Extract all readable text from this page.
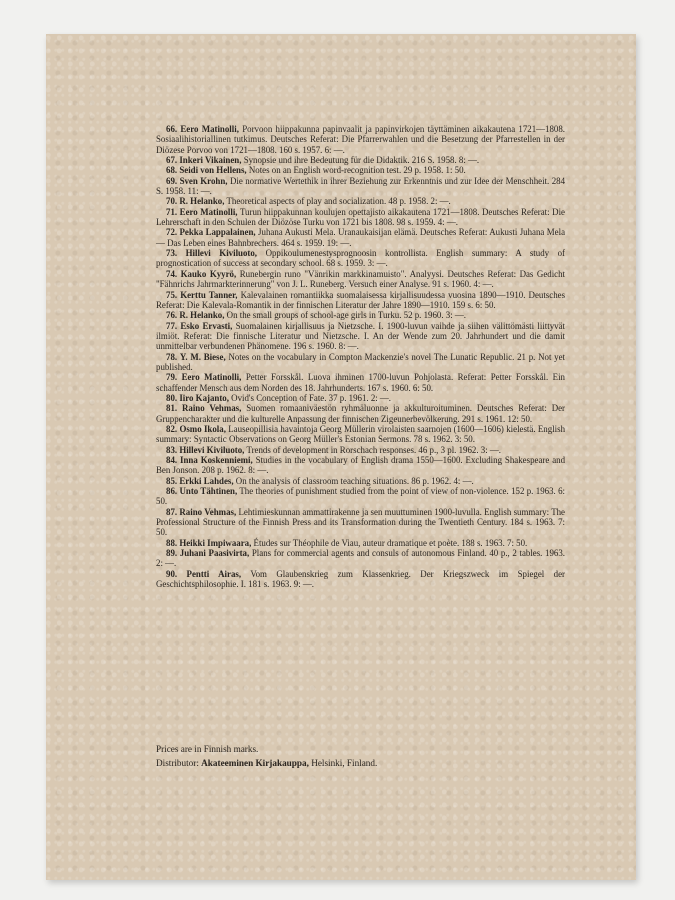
66. Eero Matinolli, Porvoon hiippakunna papinvaalit ja papinvirkojen täyttäminen aikakautena 1721—1808. Sosiaalihistoriallinen tutkimus. Deutsches Referat: Die Pfarrerwahlen und die Besetzung der Pfarrestellen in der Diözese Porvoo von 1721—1808. 160 s. 1957. 6: —.

67. Inkeri Vikainen, Synopsie und ihre Bedeutung für die Didaktik. 216 S. 1958. 8: —.

68. Seidi von Hellens, Notes on an English word-recognition test. 29 p. 1958. 1: 50.

69. Sven Krohn, Die normative Wertethik in ihrer Beziehung zur Erkenntnis und zur Idee der Menschheit. 284 S. 1958. 11: —.

70. R. Helanko, Theoretical aspects of play and socialization. 48 p. 1958. 2: —.

71. Eero Matinolli, Turun hiippakunnan koulujen opettajisto aikakautena 1721—1808. Deutsches Referat: Die Lehrerschaft in den Schulen der Diözöse Turku von 1721 bis 1808. 98 s. 1959. 4: —.

72. Pekka Lappalainen, Juhana Aukusti Mela. Uranaukaisijan elämä. Deutsches Referat: Aukusti Juhana Mela — Das Leben eines Bahnbrechers. 464 s. 1959. 19: —.

73. Hillevi Kiviluoto, Oppikoulumenestysprognoosin kontrollista. English summary: A study of prognostication of success at secondary school. 68 s. 1959. 3: —.

74. Kauko Kyyrö, Runebergin runo "Vänrikin markkinamuisto". Analyysi. Deutsches Referat: Das Gedicht "Fähnrichs Jahrmarkterinnerung" von J. L. Runeberg. Versuch einer Analyse. 91 s. 1960. 4: —.

75. Kerttu Tanner, Kalevalainen romantiikka suomalaisessa kirjallisuudessa vuosina 1890—1910. Deutsches Referat: Die Kalevala-Romantik in der finnischen Literatur der Jahre 1890—1910. 159 s. 6: 50.

76. R. Helanko, On the small groups of school-age girls in Turku. 52 p. 1960. 3: —.

77. Esko Ervasti, Suomalainen kirjallisuus ja Nietzsche. I. 1900-luvun vaihde ja siihen välittömästi liittyvät ilmiöt. Referat: Die finnische Literatur und Nietzsche. I. An der Wende zum 20. Jahrhundert und die damit unmittelbar verbundenen Phänomene. 196 s. 1960. 8: —.

78. Y. M. Biese, Notes on the vocabulary in Compton Mackenzie's novel The Lunatic Republic. 21 p. Not yet published.

79. Eero Matinolli, Petter Forsskål. Luova ihminen 1700-luvun Pohjolasta. Referat: Petter Forsskål. Ein schaffender Mensch aus dem Norden des 18. Jahrhunderts. 167 s. 1960. 6: 50.

80. Iiro Kajanto, Ovid's Conception of Fate. 37 p. 1961. 2: —.

81. Raino Vehmas, Suomen romaaniväestön ryhmäluonne ja akkulturoituminen. Deutsches Referat: Der Gruppencharakter und die kulturelle Anpassung der finnischen Zigeunerbevölkerung. 291 s. 1961. 12: 50.

82. Osmo Ikola, Lauseopillisia havaintoja Georg Müllerin virolaisten saarnojen (1600—1606) kielestä. English summary: Syntactic Observations on Georg Müller's Estonian Sermons. 78 s. 1962. 3: 50.

83. Hillevi Kiviluoto, Trends of development in Rorschach responses. 46 p., 3 pl. 1962. 3: —.

84. Inna Koskenniemi, Studies in the vocabulary of English drama 1550—1600. Excluding Shakespeare and Ben Jonson. 208 p. 1962. 8: —.

85. Erkki Lahdes, On the analysis of classroom teaching situations. 86 p. 1962. 4: —.

86. Unto Tähtinen, The theories of punishment studied from the point of view of non-violence. 152 p. 1963. 6: 50.

87. Raino Vehmas, Lehtimieskunnan ammattirakenne ja sen muuttuminen 1900-luvulla. English summary: The Professional Structure of the Finnish Press and its Transformation during the Twentieth Century. 184 s. 1963. 7: 50.

88. Heikki Impiwaara, Études sur Théophile de Viau, auteur dramatique et poète. 188 s. 1963. 7: 50.

89. Juhani Paasivirta, Plans for commercial agents and consuls of autonomous Finland. 40 p., 2 tables. 1963. 2: —.

90. Pentti Airas, Vom Glaubenskrieg zum Klassenkrieg. Der Kriegszweck im Spiegel der Geschichtsphilosophie. I. 181 s. 1963. 9: —.

Prices are in Finnish marks.
Distributor: Akateeminen Kirjakauppa, Helsinki, Finland.
